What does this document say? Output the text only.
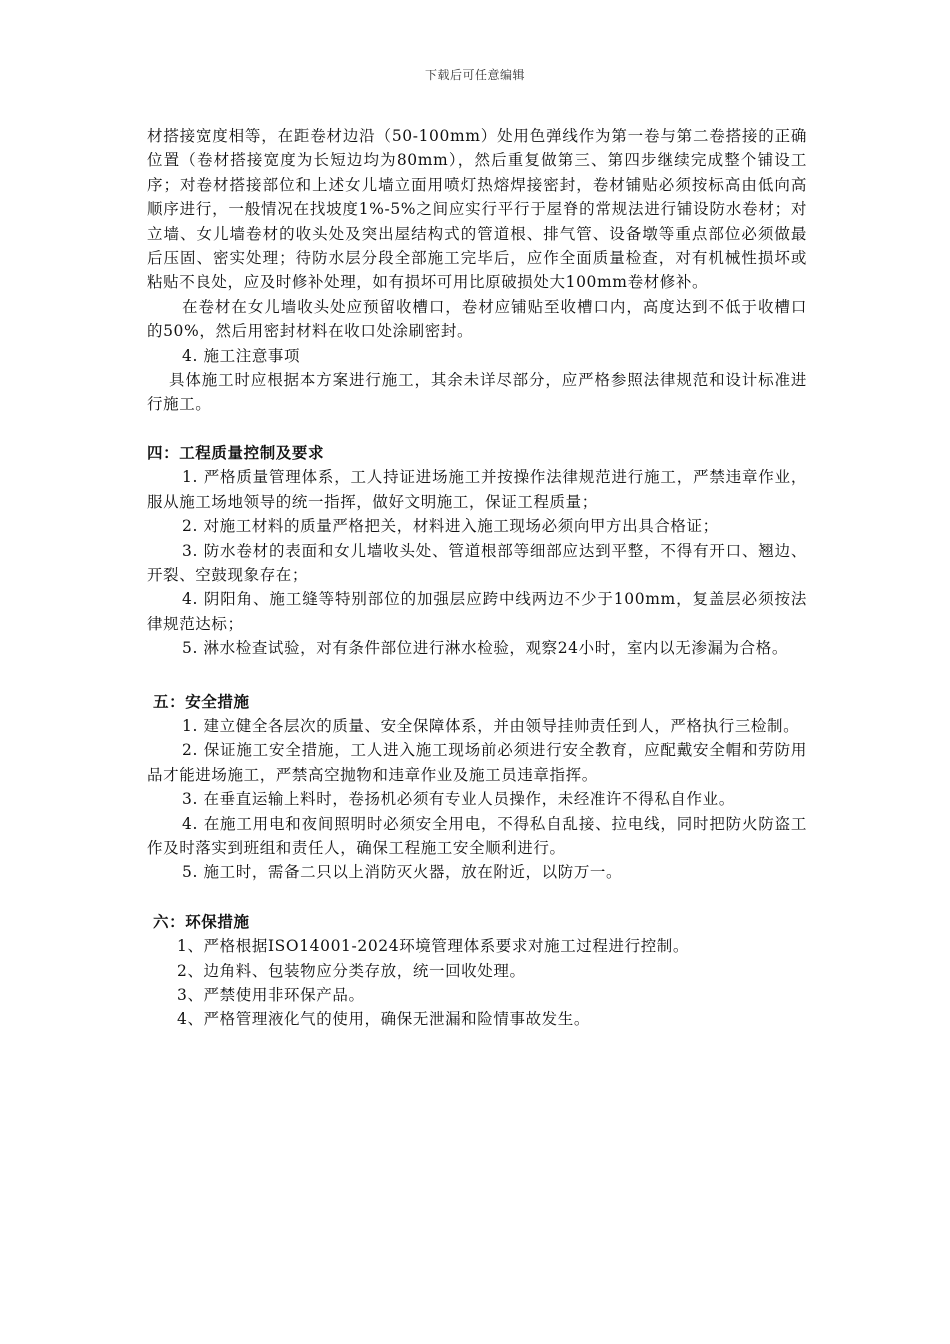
下载后可任意编辑

材搭接宽度相等，在距卷材边沿（50-100mm）处用色弹线作为第一卷与第二卷搭接的正确位置（卷材搭接宽度为长短边均为80mm），然后重复做第三、第四步继续完成整个铺设工序；对卷材搭接部位和上述女儿墙立面用喷灯热熔焊接密封，卷材铺贴必须按标高由低向高顺序进行，一般情况在找坡度1%-5%之间应实行平行于屋脊的常规法进行铺设防水卷材；对立墙、女儿墙卷材的收头处及突出屋结构式的管道根、排气管、设备墩等重点部位必须做最后压固、密实处理；待防水层分段全部施工完毕后，应作全面质量检查，对有机械性损坏或粘贴不良处，应及时修补处理，如有损坏可用比原破损处大100mm卷材修补。

在卷材在女儿墙收头处应预留收槽口，卷材应铺贴至收槽口内，高度达到不低于收槽口的50%，然后用密封材料在收口处涂刷密封。

4. 施工注意事项

具体施工时应根据本方案进行施工，其余未详尽部分，应严格参照法律规范和设计标准进行施工。

四：工程质量控制及要求

1. 严格质量管理体系，工人持证进场施工并按操作法律规范进行施工，严禁违章作业，服从施工场地领导的统一指挥，做好文明施工，保证工程质量；

2. 对施工材料的质量严格把关，材料进入施工现场必须向甲方出具合格证；

3. 防水卷材的表面和女儿墙收头处、管道根部等细部应达到平整，不得有开口、翘边、开裂、空鼓现象存在；

4. 阴阳角、施工缝等特别部位的加强层应跨中线两边不少于100mm，复盖层必须按法律规范达标；

5. 淋水检查试验，对有条件部位进行淋水检验，观察24小时，室内以无渗漏为合格。

五：安全措施

1. 建立健全各层次的质量、安全保障体系，并由领导挂帅责任到人，严格执行三检制。

2. 保证施工安全措施，工人进入施工现场前必须进行安全教育，应配戴安全帽和劳防用品才能进场施工，严禁高空抛物和违章作业及施工员违章指挥。

3. 在垂直运输上料时，卷扬机必须有专业人员操作，未经准许不得私自作业。

4. 在施工用电和夜间照明时必须安全用电，不得私自乱接、拉电线，同时把防火防盗工作及时落实到班组和责任人，确保工程施工安全顺利进行。

5. 施工时，需备二只以上消防灭火器，放在附近，以防万一。

六：环保措施

1、严格根据ISO14001-2024环境管理体系要求对施工过程进行控制。

2、边角料、包装物应分类存放，统一回收处理。

3、严禁使用非环保产品。

4、严格管理液化气的使用，确保无泄漏和险情事故发生。
